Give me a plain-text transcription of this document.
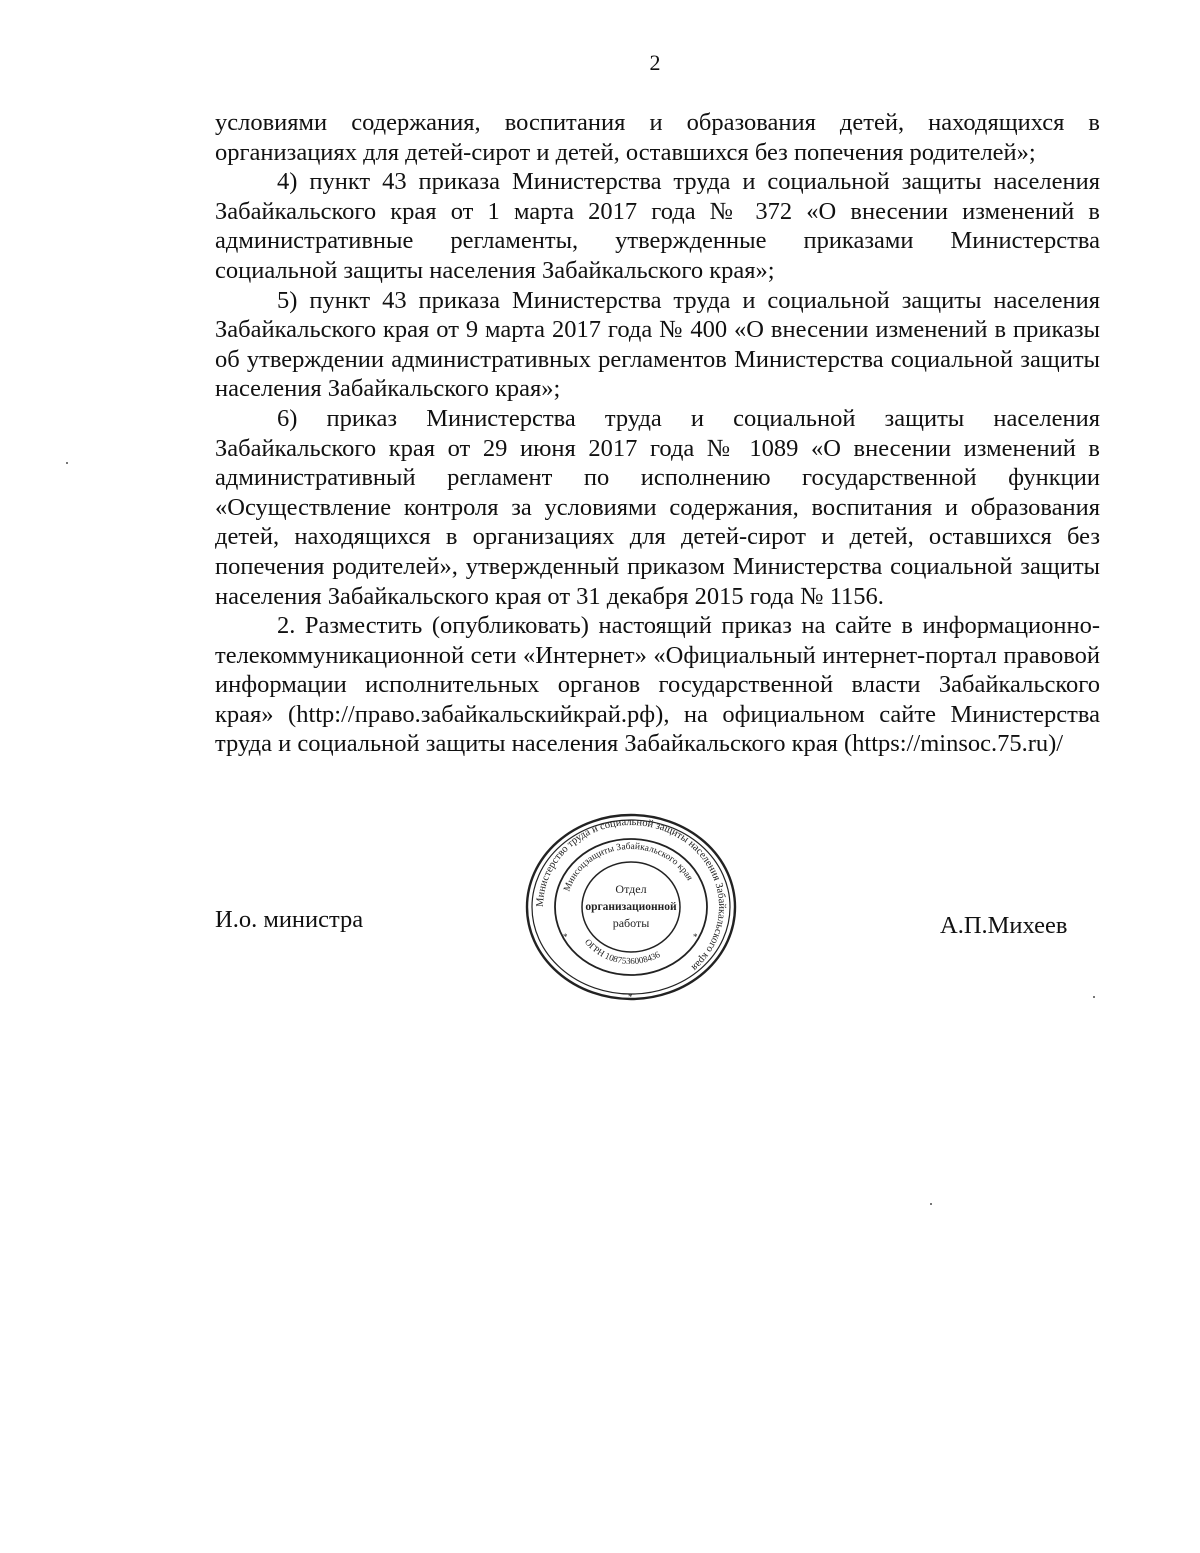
2

условиями содержания, воспитания и образования детей, находящихся в организациях для детей-сирот и детей, оставшихся без попечения родителей»;

4) пункт 43 приказа Министерства труда и социальной защиты населения Забайкальского края от 1 марта 2017 года № 372 «О внесении изменений в административные регламенты, утвержденные приказами Министерства социальной защиты населения Забайкальского края»;

5) пункт 43 приказа Министерства труда и социальной защиты населения Забайкальского края от 9 марта 2017 года № 400 «О внесении изменений в приказы об утверждении административных регламентов Министерства социальной защиты населения Забайкальского края»;

6) приказ Министерства труда и социальной защиты населения Забайкальского края от 29 июня 2017 года № 1089 «О внесении изменений в административный регламент по исполнению государственной функции «Осуществление контроля за условиями содержания, воспитания и образования детей, находящихся в организациях для детей-сирот и детей, оставшихся без попечения родителей», утвержденный приказом Министерства социальной защиты населения Забайкальского края от 31 декабря 2015 года № 1156.

2. Разместить (опубликовать) настоящий приказ на сайте в информационно-телекоммуникационной сети «Интернет» «Официальный интернет-портал правовой информации исполнительных органов государственной власти Забайкальского края» (http://право.забайкальскийкрай.рф), на официальном сайте Министерства труда и социальной защиты населения Забайкальского края (https://minsoc.75.ru)/

И.о. министра
Министерство труда и социальной защиты населения Забайкальского края
Минсоцзащиты Забайкальского края
ОГРН 1087536008436
Отдел
организационной
работы
*	*
*
А.П.Михеев
